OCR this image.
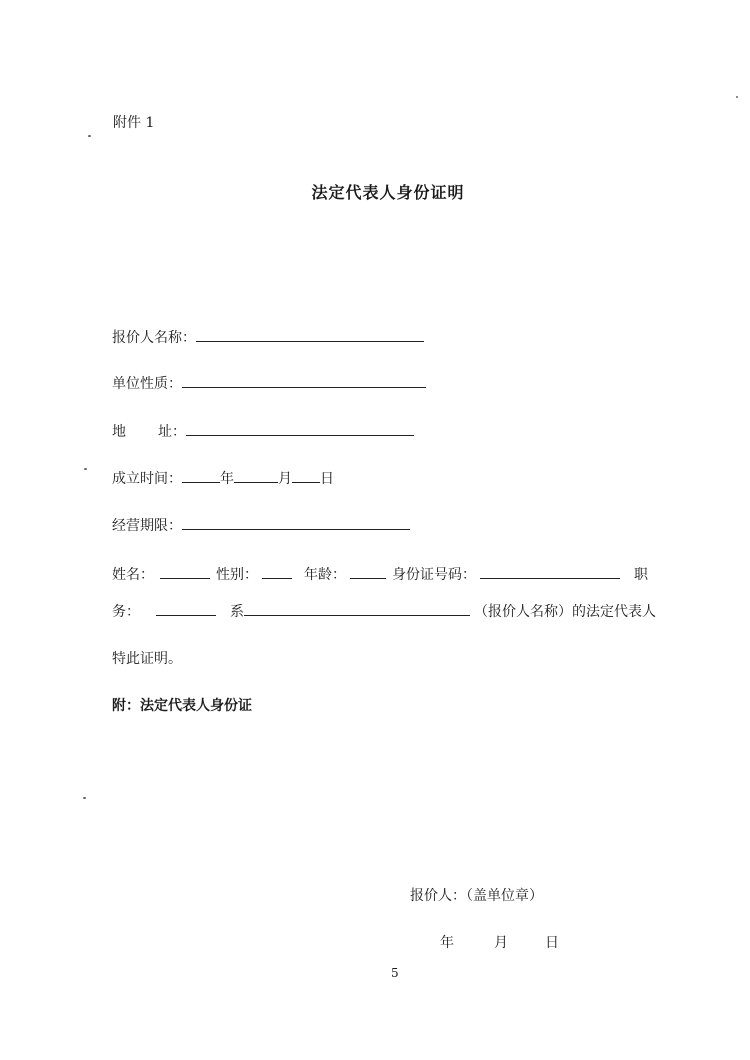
附件 1
法定代表人身份证明
报价人名称：
单位性质：
地 址：
成立时间：	年	月 日
经营期限：
姓名：	性别：	年龄：	身份证号码：	职
务：	系	（报价人名称）的法定代表人
特此证明。
附：法定代表人身份证
报价人：（盖单位章）
年	月	日
5
